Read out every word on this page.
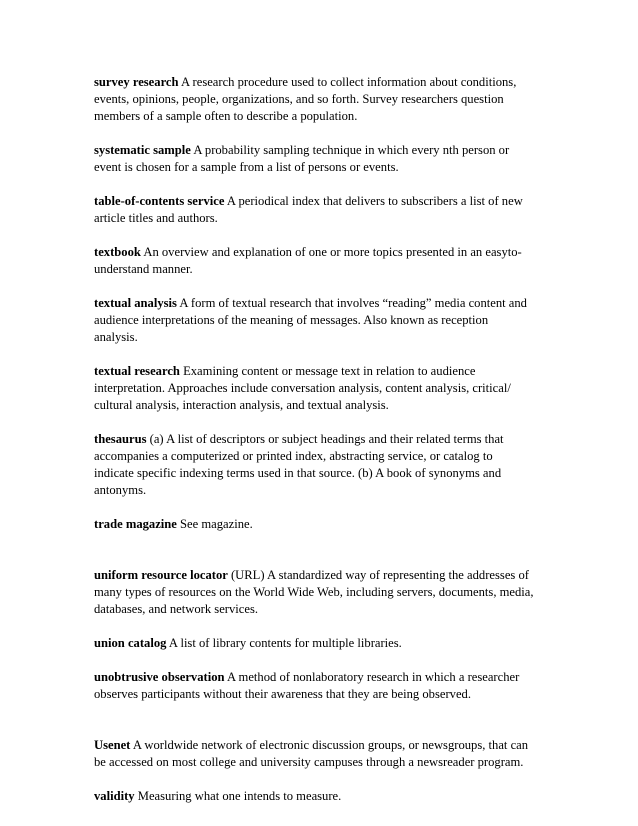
survey research A research procedure used to collect information about conditions, events, opinions, people, organizations, and so forth. Survey researchers question members of a sample often to describe a population.

systematic sample A probability sampling technique in which every nth person or event is chosen for a sample from a list of persons or events.

table-of-contents service A periodical index that delivers to subscribers a list of new article titles and authors.

textbook An overview and explanation of one or more topics presented in an easyto-understand manner.

textual analysis A form of textual research that involves “reading” media content and audience interpretations of the meaning of messages. Also known as reception analysis.

textual research Examining content or message text in relation to audience interpretation. Approaches include conversation analysis, content analysis, critical/ cultural analysis, interaction analysis, and textual analysis.

thesaurus (a) A list of descriptors or subject headings and their related terms that accompanies a computerized or printed index, abstracting service, or catalog to indicate specific indexing terms used in that source. (b) A book of synonyms and antonyms.

trade magazine See magazine.

uniform resource locator (URL) A standardized way of representing the addresses of many types of resources on the World Wide Web, including servers, documents, media, databases, and network services.

union catalog A list of library contents for multiple libraries.

unobtrusive observation A method of nonlaboratory research in which a researcher observes participants without their awareness that they are being observed.

Usenet A worldwide network of electronic discussion groups, or newsgroups, that can be accessed on most college and university campuses through a newsreader program.

validity Measuring what one intends to measure.
